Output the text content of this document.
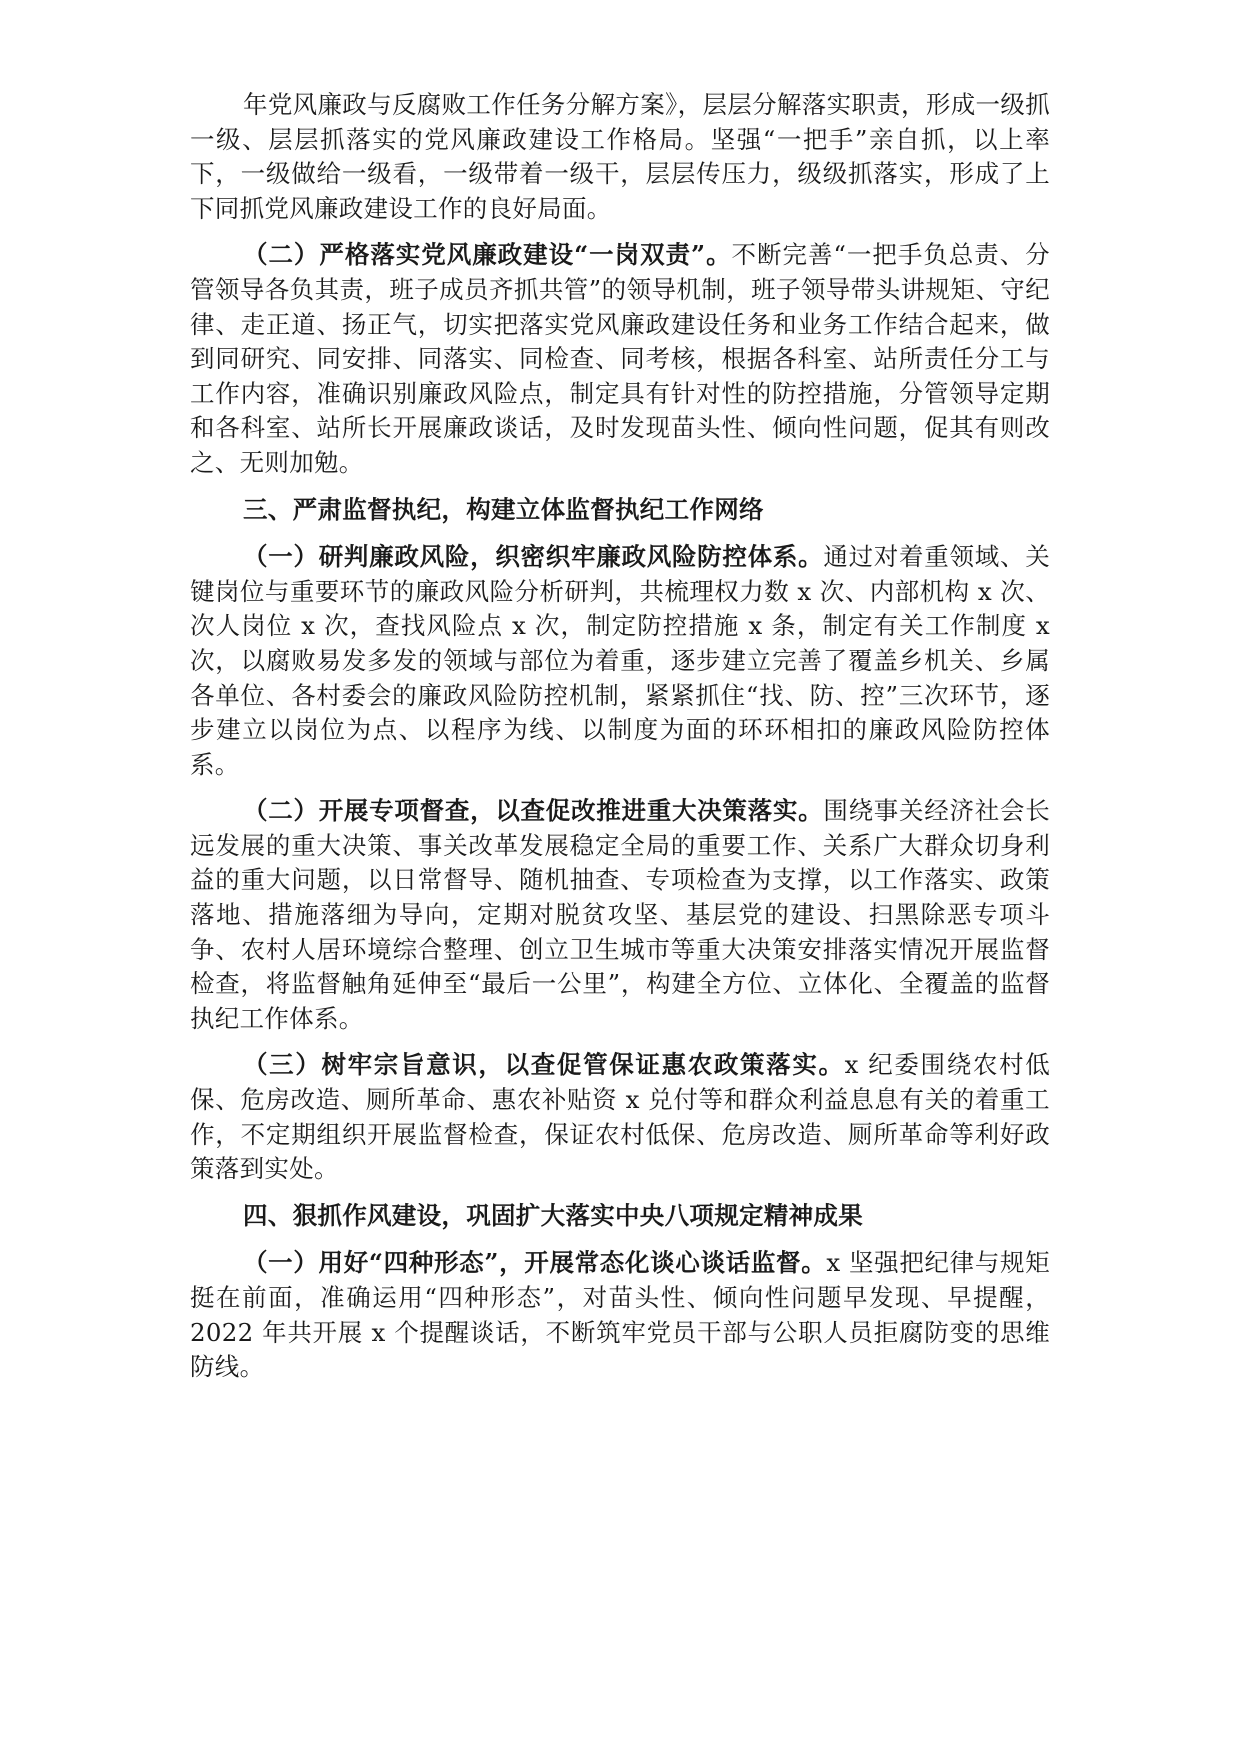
年党风廉政与反腐败工作任务分解方案》，层层分解落实职责，形成一级抓一级、层层抓落实的党风廉政建设工作格局。坚强“一把手”亲自抓，以上率下，一级做给一级看，一级带着一级干，层层传压力，级级抓落实，形成了上下同抓党风廉政建设工作的良好局面。

（二）严格落实党风廉政建设“一岗双责”。不断完善“一把手负总责、分管领导各负其责，班子成员齐抓共管”的领导机制，班子领导带头讲规矩、守纪律、走正道、扬正气，切实把落实党风廉政建设任务和业务工作结合起来，做到同研究、同安排、同落实、同检查、同考核，根据各科室、站所责任分工与工作内容，准确识别廉政风险点，制定具有针对性的防控措施，分管领导定期和各科室、站所长开展廉政谈话，及时发现苗头性、倾向性问题，促其有则改之、无则加勉。

三、严肃监督执纪，构建立体监督执纪工作网络

（一）研判廉政风险，织密织牢廉政风险防控体系。通过对着重领域、关键岗位与重要环节的廉政风险分析研判，共梳理权力数 x 次、内部机构 x 次、次人岗位 x 次，查找风险点 x 次，制定防控措施 x 条，制定有关工作制度 x 次，以腐败易发多发的领域与部位为着重，逐步建立完善了覆盖乡机关、乡属各单位、各村委会的廉政风险防控机制，紧紧抓住“找、防、控”三次环节，逐步建立以岗位为点、以程序为线、以制度为面的环环相扣的廉政风险防控体系。

（二）开展专项督查，以查促改推进重大决策落实。围绕事关经济社会长远发展的重大决策、事关改革发展稳定全局的重要工作、关系广大群众切身利益的重大问题，以日常督导、随机抽查、专项检查为支撑，以工作落实、政策落地、措施落细为导向，定期对脱贫攻坚、基层党的建设、扫黑除恶专项斗争、农村人居环境综合整理、创立卫生城市等重大决策安排落实情况开展监督检查，将监督触角延伸至“最后一公里”，构建全方位、立体化、全覆盖的监督执纪工作体系。

（三）树牢宗旨意识，以查促管保证惠农政策落实。x 纪委围绕农村低保、危房改造、厕所革命、惠农补贴资 x 兑付等和群众利益息息有关的着重工作，不定期组织开展监督检查，保证农村低保、危房改造、厕所革命等利好政策落到实处。

四、狠抓作风建设，巩固扩大落实中央八项规定精神成果

（一）用好“四种形态”，开展常态化谈心谈话监督。x 坚强把纪律与规矩挺在前面，准确运用“四种形态”，对苗头性、倾向性问题早发现、早提醒，2022 年共开展 x 个提醒谈话，不断筑牢党员干部与公职人员拒腐防变的思维防线。
